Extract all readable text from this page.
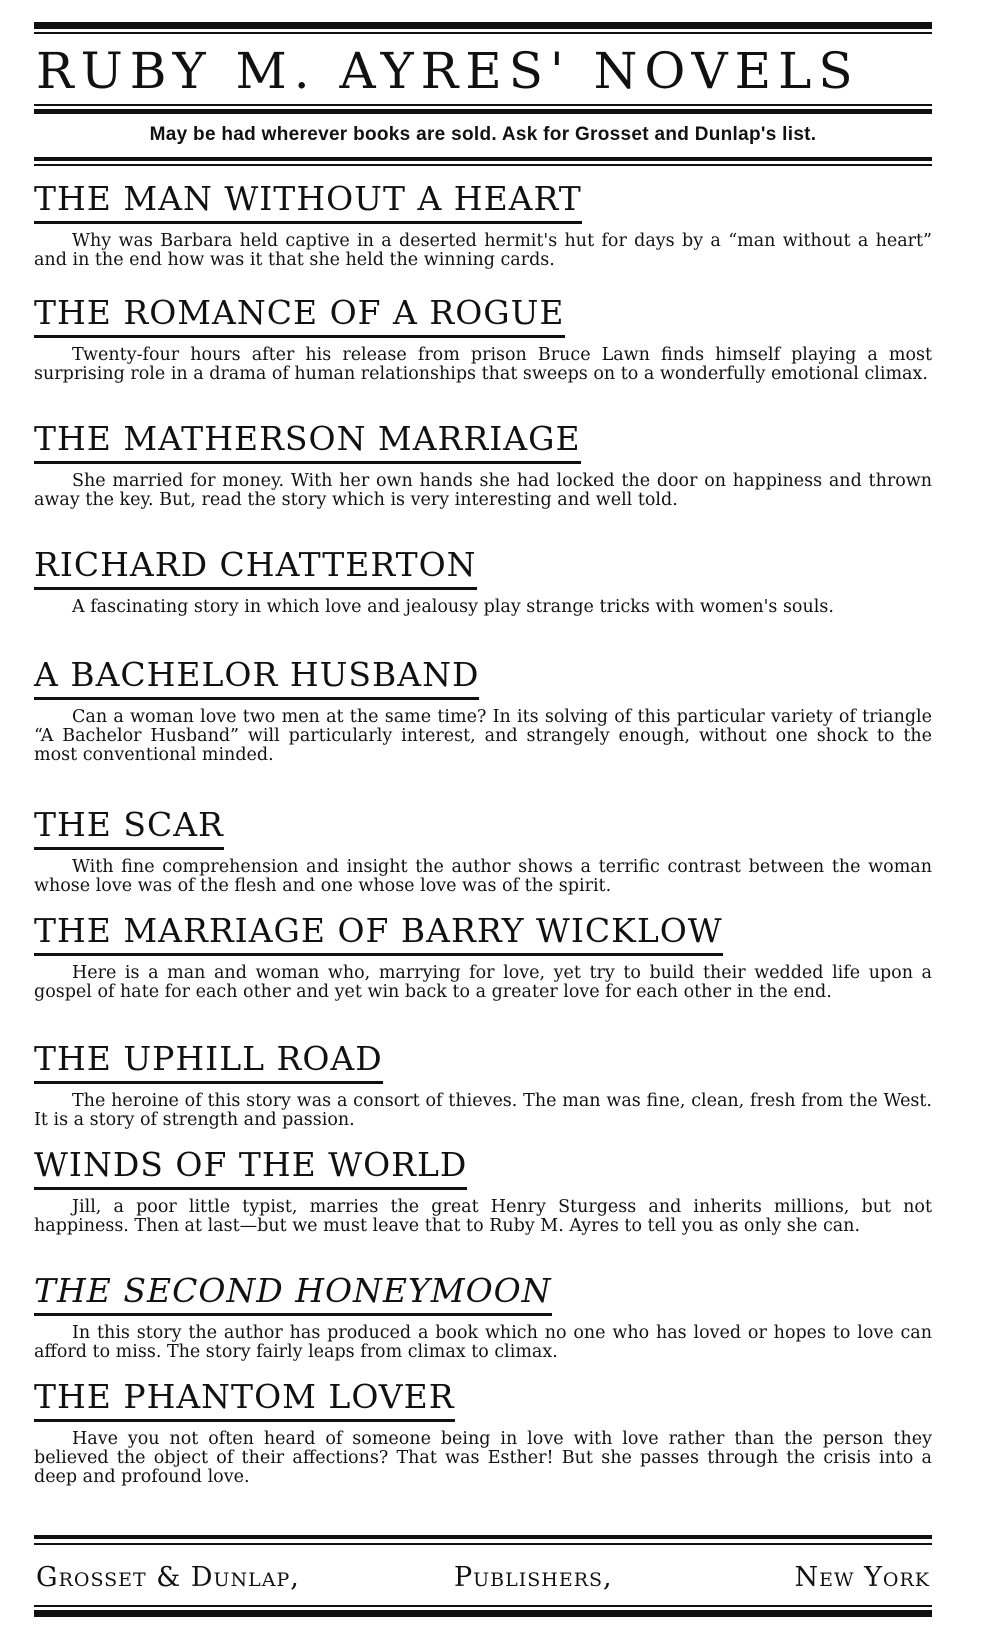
RUBY M. AYRES' NOVELS
May be had wherever books are sold. Ask for Grosset and Dunlap's list.
THE MAN WITHOUT A HEART
Why was Barbara held captive in a deserted hermit's hut for days by a “man without a heart” and in the end how was it that she held the winning cards.
THE ROMANCE OF A ROGUE
Twenty-four hours after his release from prison Bruce Lawn finds himself playing a most surprising role in a drama of human relationships that sweeps on to a wonderfully emotional climax.
THE MATHERSON MARRIAGE
She married for money. With her own hands she had locked the door on happiness and thrown away the key. But, read the story which is very interesting and well told.
RICHARD CHATTERTON
A fascinating story in which love and jealousy play strange tricks with women's souls.
A BACHELOR HUSBAND
Can a woman love two men at the same time? In its solving of this particular variety of triangle “A Bachelor Husband” will particularly interest, and strangely enough, without one shock to the most conventional minded.
THE SCAR
With fine comprehension and insight the author shows a terrific contrast between the woman whose love was of the flesh and one whose love was of the spirit.
THE MARRIAGE OF BARRY WICKLOW
Here is a man and woman who, marrying for love, yet try to build their wedded life upon a gospel of hate for each other and yet win back to a greater love for each other in the end.
THE UPHILL ROAD
The heroine of this story was a consort of thieves. The man was fine, clean, fresh from the West. It is a story of strength and passion.
WINDS OF THE WORLD
Jill, a poor little typist, marries the great Henry Sturgess and inherits millions, but not happiness. Then at last—but we must leave that to Ruby M. Ayres to tell you as only she can.
THE SECOND HONEYMOON
In this story the author has produced a book which no one who has loved or hopes to love can afford to miss. The story fairly leaps from climax to climax.
THE PHANTOM LOVER
Have you not often heard of someone being in love with love rather than the person they believed the object of their affections? That was Esther! But she passes through the crisis into a deep and profound love.
Grosset & Dunlap,	Publishers,	New York
